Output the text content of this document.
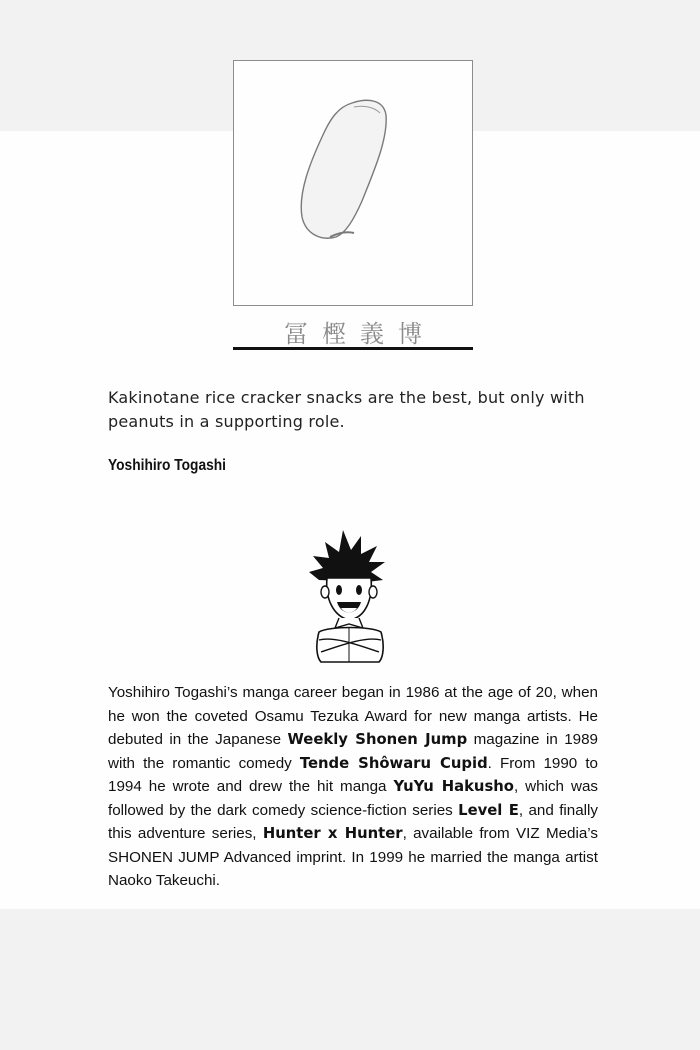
冨樫義博

Kakinotane rice cracker snacks are the best, but only with peanuts in a supporting role.

Yoshihiro Togashi

Yoshihiro Togashi’s manga career began in 1986 at the age of 20, when he won the coveted Osamu Tezuka Award for new manga artists. He debuted in the Japanese Weekly Shonen Jump magazine in 1989 with the romantic comedy Tende Shôwaru Cupid. From 1990 to 1994 he wrote and drew the hit manga YuYu Hakusho, which was followed by the dark comedy science-fiction series Level E, and finally this adventure series, Hunter x Hunter, available from VIZ Media’s SHONEN JUMP Advanced imprint. In 1999 he married the manga artist Naoko Takeuchi.
